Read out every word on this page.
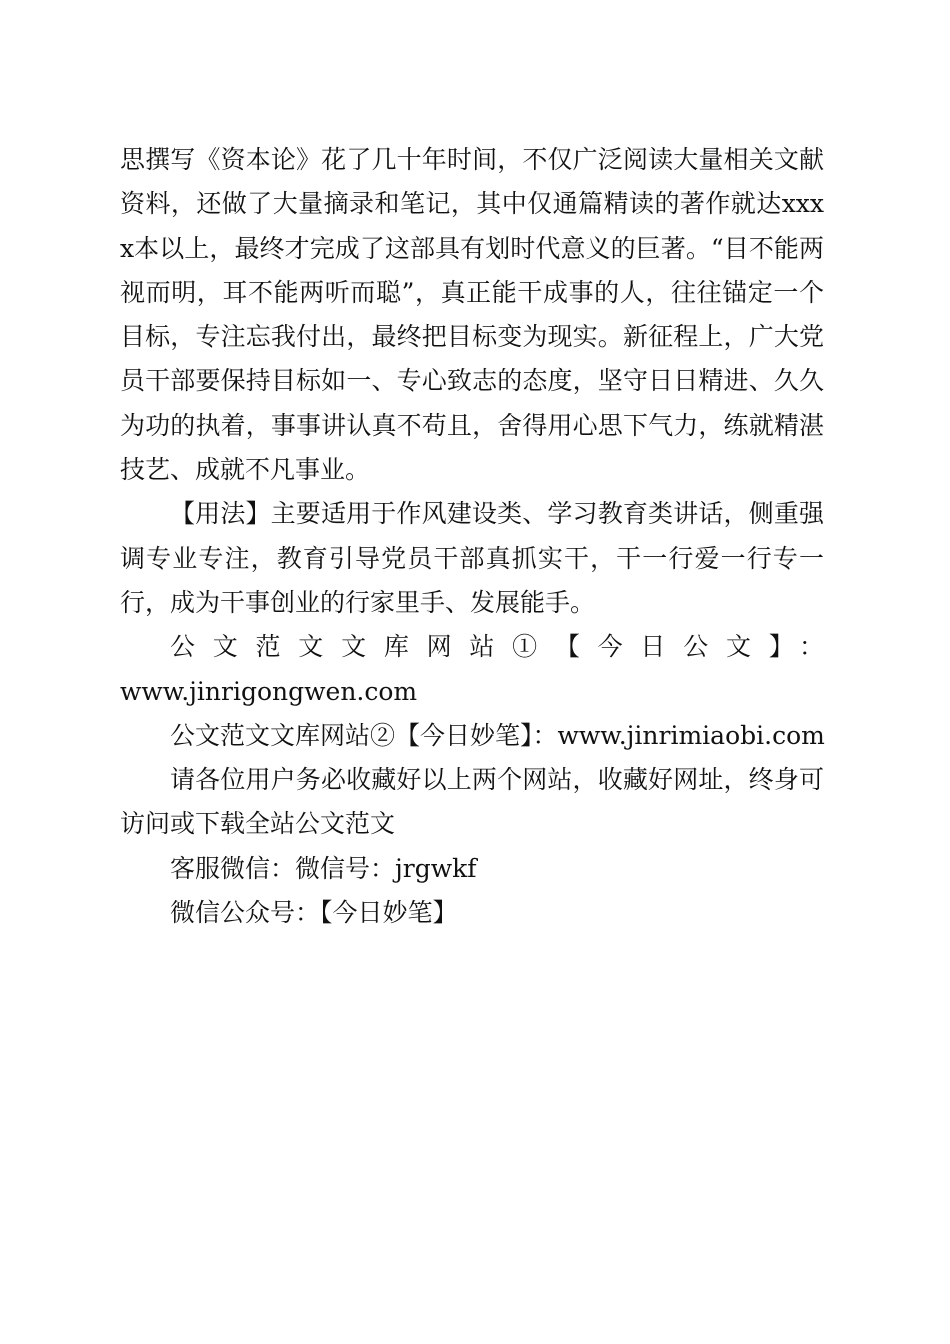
思撰写《资本论》花了几十年时间，不仅广泛阅读大量相关文献资料，还做了大量摘录和笔记，其中仅通篇精读的著作就达xxxx本以上，最终才完成了这部具有划时代意义的巨著。“目不能两视而明，耳不能两听而聪”，真正能干成事的人，往往锚定一个目标，专注忘我付出，最终把目标变为现实。新征程上，广大党员干部要保持目标如一、专心致志的态度，坚守日日精进、久久为功的执着，事事讲认真不苟且，舍得用心思下气力，练就精湛技艺、成就不凡事业。

【用法】主要适用于作风建设类、学习教育类讲话，侧重强调专业专注，教育引导党员干部真抓实干，干一行爱一行专一行，成为干事创业的行家里手、发展能手。

公文范文文库网站①【今日公文】：
www.jinrigongwen.com

公文范文文库网站②【今日妙笔】：www.jinrimiaobi.com

请各位用户务必收藏好以上两个网站，收藏好网址，终身可访问或下载全站公文范文

客服微信：微信号：jrgwkf

微信公众号：【今日妙笔】
